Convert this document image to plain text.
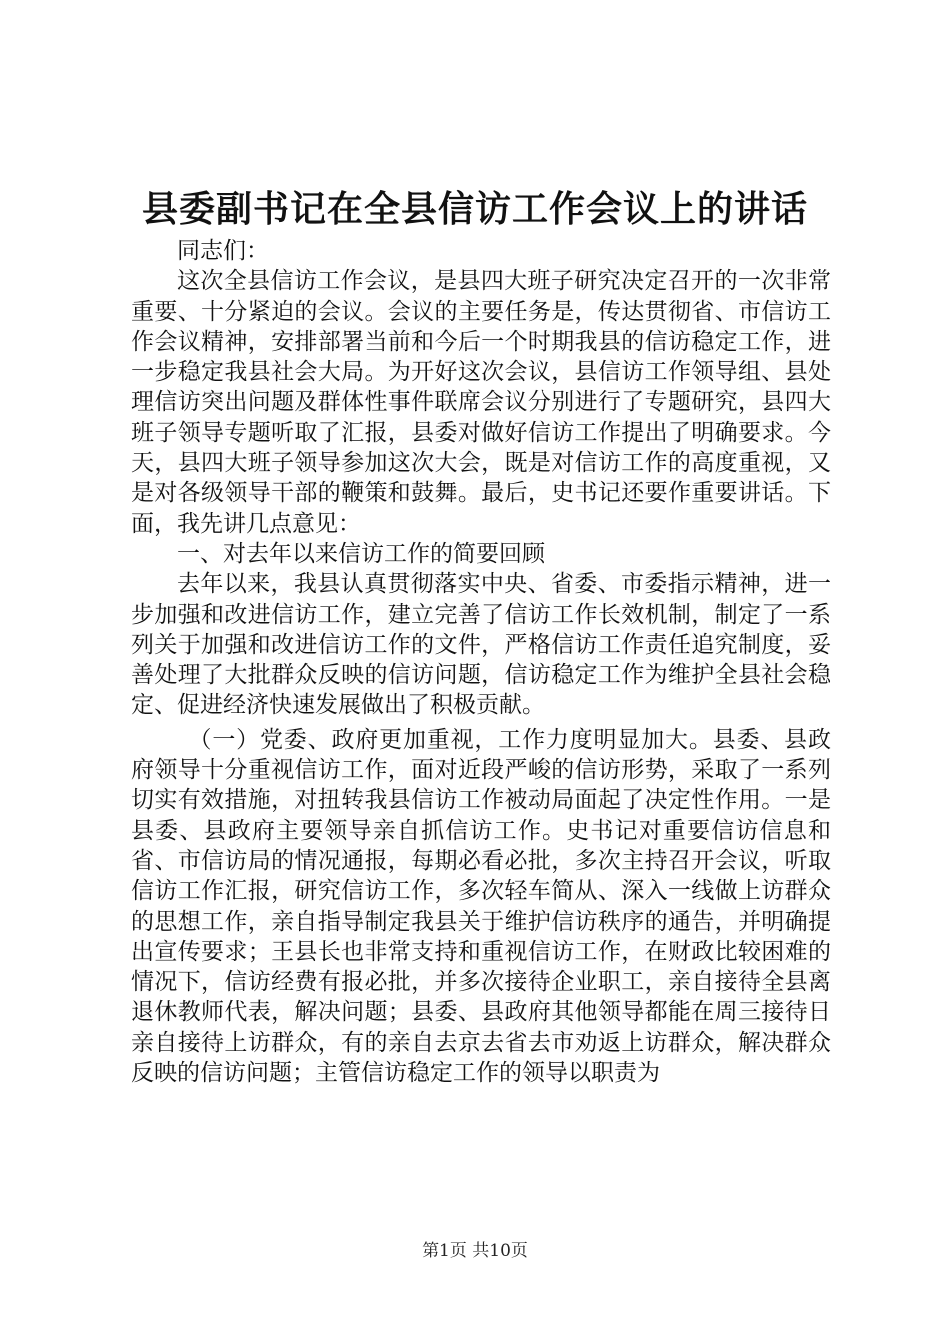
县委副书记在全县信访工作会议上的讲话

同志们：

这次全县信访工作会议，是县四大班子研究决定召开的一次非常重要、十分紧迫的会议。会议的主要任务是，传达贯彻省、市信访工作会议精神，安排部署当前和今后一个时期我县的信访稳定工作，进一步稳定我县社会大局。为开好这次会议，县信访工作领导组、县处理信访突出问题及群体性事件联席会议分别进行了专题研究，县四大班子领导专题听取了汇报，县委对做好信访工作提出了明确要求。今天，县四大班子领导参加这次大会，既是对信访工作的高度重视，又是对各级领导干部的鞭策和鼓舞。最后，史书记还要作重要讲话。下面，我先讲几点意见：

一、对去年以来信访工作的简要回顾

去年以来，我县认真贯彻落实中央、省委、市委指示精神，进一步加强和改进信访工作，建立完善了信访工作长效机制，制定了一系列关于加强和改进信访工作的文件，严格信访工作责任追究制度，妥善处理了大批群众反映的信访问题，信访稳定工作为维护全县社会稳定、促进经济快速发展做出了积极贡献。

（一）党委、政府更加重视，工作力度明显加大。县委、县政府领导十分重视信访工作，面对近段严峻的信访形势，采取了一系列切实有效措施，对扭转我县信访工作被动局面起了决定性作用。一是县委、县政府主要领导亲自抓信访工作。史书记对重要信访信息和省、市信访局的情况通报，每期必看必批，多次主持召开会议，听取信访工作汇报，研究信访工作，多次轻车简从、深入一线做上访群众的思想工作，亲自指导制定我县关于维护信访秩序的通告，并明确提出宣传要求；王县长也非常支持和重视信访工作，在财政比较困难的情况下，信访经费有报必批，并多次接待企业职工，亲自接待全县离退休教师代表，解决问题；县委、县政府其他领导都能在周三接待日亲自接待上访群众，有的亲自去京去省去市劝返上访群众，解决群众反映的信访问题；主管信访稳定工作的领导以职责为

第1页 共10页
